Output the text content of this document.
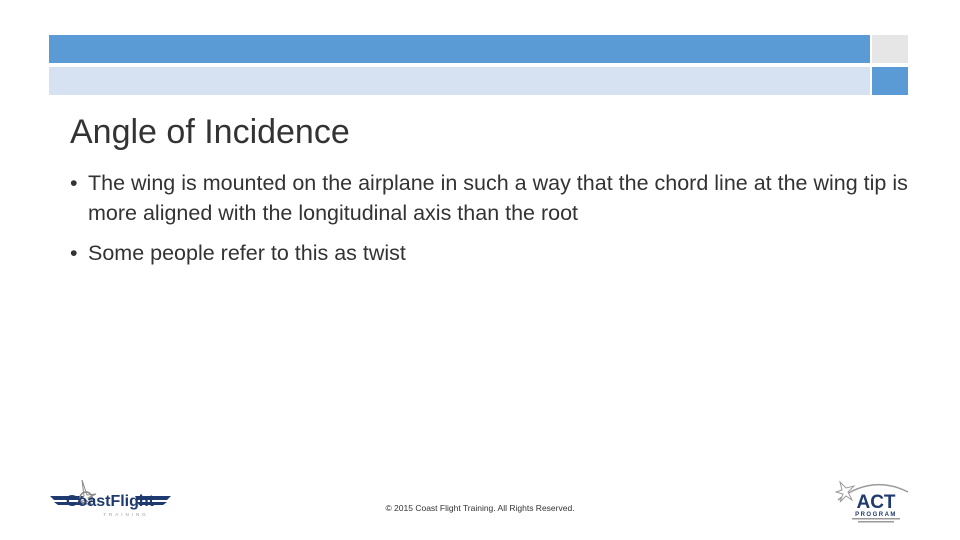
Angle of Incidence
• The wing is mounted on the airplane in such a way that the chord line at the wing tip is more aligned with the longitudinal axis than the root
• Some people refer to this as twist
© 2015 Coast Flight Training. All Rights Reserved.
CoastFlight
TRAINING
ACT
PROGRAM
